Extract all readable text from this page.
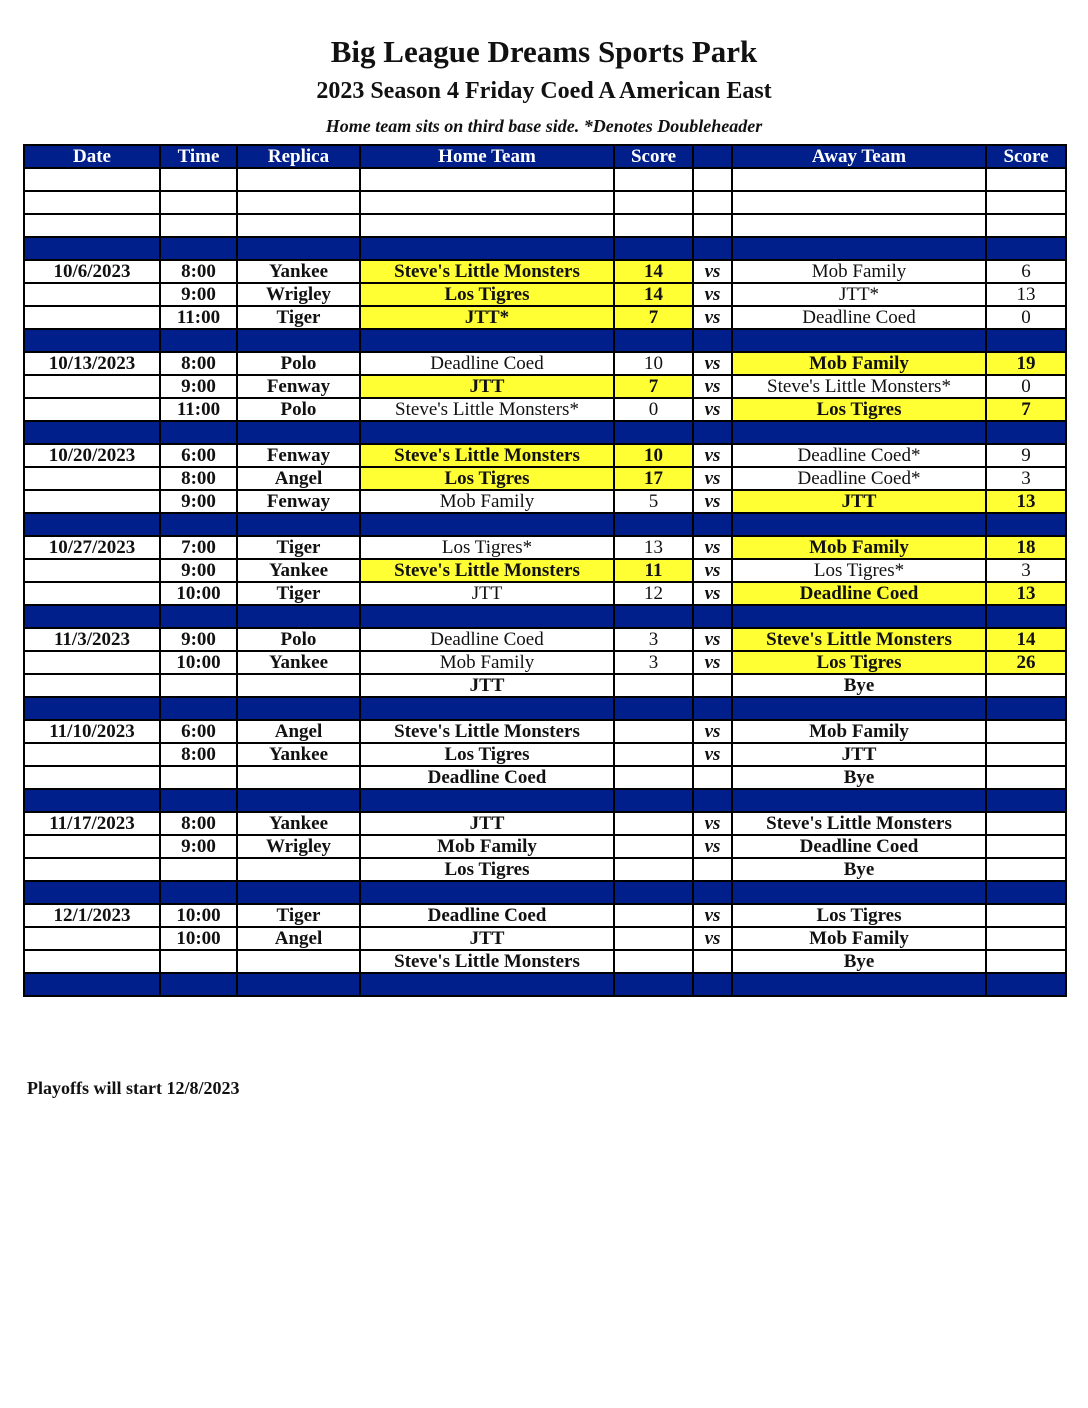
Big League Dreams Sports Park
2023 Season 4 Friday Coed A American East
Home team sits on third base side. *Denotes Doubleheader
Date	Time	Replica	Home Team	Score		Away Team	Score

10/6/2023	8:00	Yankee	Steve's Little Monsters	14	vs	Mob Family	6
	9:00	Wrigley	Los Tigres	14	vs	JTT*	13
	11:00	Tiger	JTT*	7	vs	Deadline Coed	0

10/13/2023	8:00	Polo	Deadline Coed	10	vs	Mob Family	19
	9:00	Fenway	JTT	7	vs	Steve's Little Monsters*	0
	11:00	Polo	Steve's Little Monsters*	0	vs	Los Tigres	7

10/20/2023	6:00	Fenway	Steve's Little Monsters	10	vs	Deadline Coed*	9
	8:00	Angel	Los Tigres	17	vs	Deadline Coed*	3
	9:00	Fenway	Mob Family	5	vs	JTT	13

10/27/2023	7:00	Tiger	Los Tigres*	13	vs	Mob Family	18
	9:00	Yankee	Steve's Little Monsters	11	vs	Los Tigres*	3
	10:00	Tiger	JTT	12	vs	Deadline Coed	13

11/3/2023	9:00	Polo	Deadline Coed	3	vs	Steve's Little Monsters	14
	10:00	Yankee	Mob Family	3	vs	Los Tigres	26
			JTT			Bye	

11/10/2023	6:00	Angel	Steve's Little Monsters		vs	Mob Family	
	8:00	Yankee	Los Tigres		vs	JTT	
			Deadline Coed			Bye	

11/17/2023	8:00	Yankee	JTT		vs	Steve's Little Monsters	
	9:00	Wrigley	Mob Family		vs	Deadline Coed	
			Los Tigres			Bye	

12/1/2023	10:00	Tiger	Deadline Coed		vs	Los Tigres	
	10:00	Angel	JTT		vs	Mob Family	
			Steve's Little Monsters			Bye	

Playoffs will start 12/8/2023
